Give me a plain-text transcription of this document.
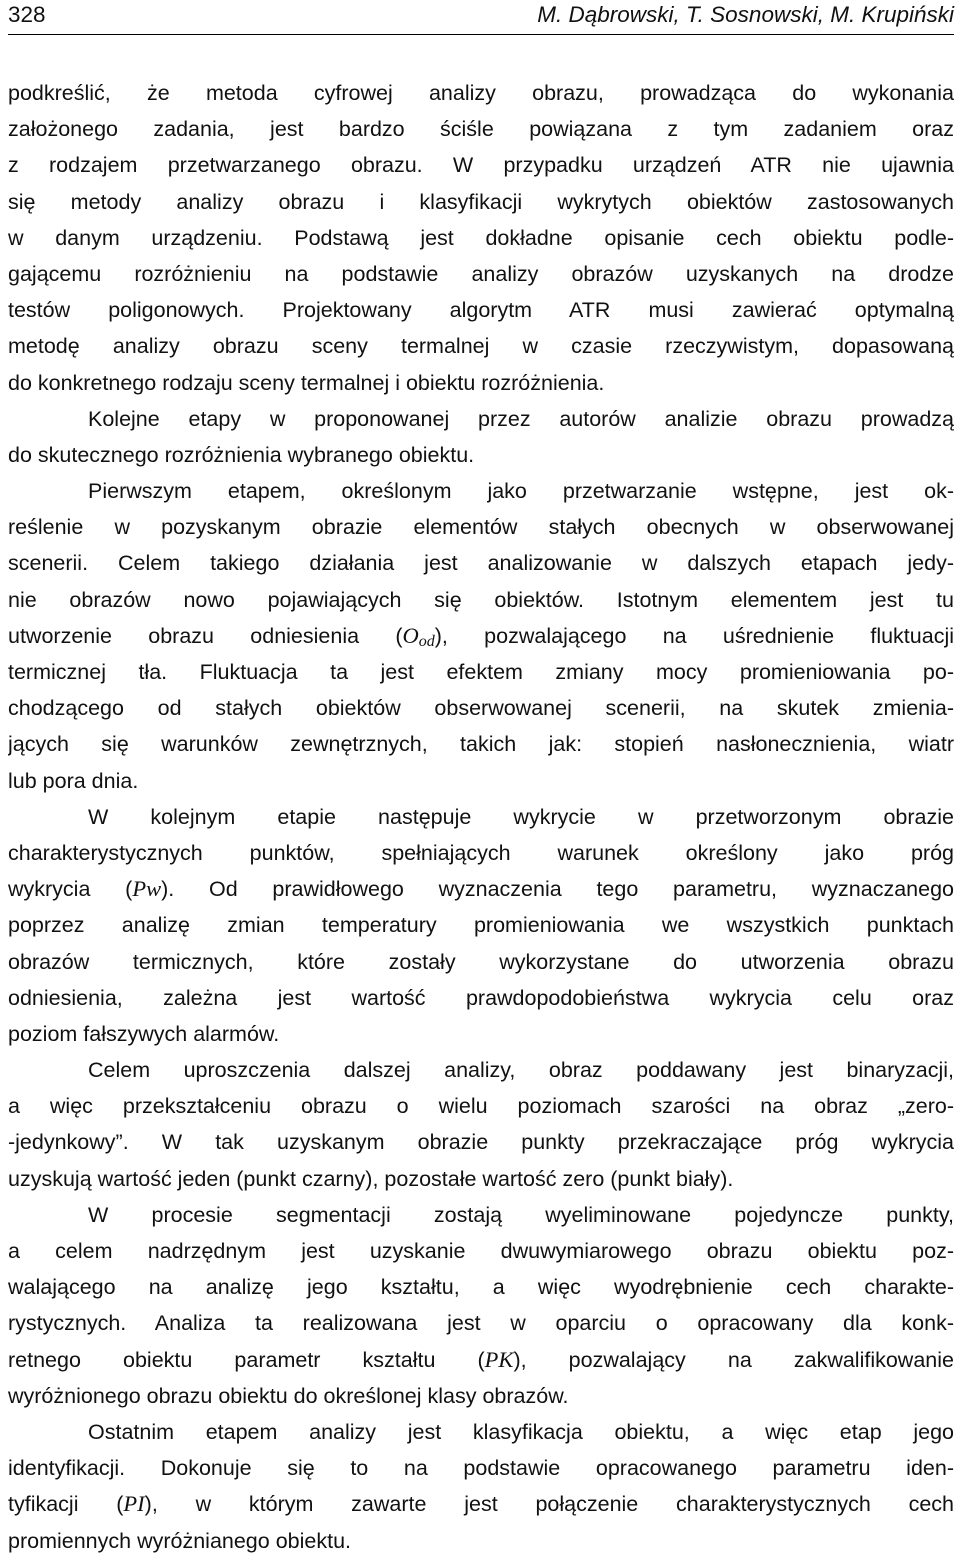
328	M. Dąbrowski, T. Sosnowski, M. Krupiński
podkreślić, że metoda cyfrowej analizy obrazu, prowadząca do wykonania
założonego zadania, jest bardzo ściśle powiązana z tym zadaniem oraz
z rodzajem przetwarzanego obrazu. W przypadku urządzeń ATR nie ujawnia
się metody analizy obrazu i klasyfikacji wykrytych obiektów zastosowanych
w danym urządzeniu. Podstawą jest dokładne opisanie cech obiektu podle-
gającemu rozróżnieniu na podstawie analizy obrazów uzyskanych na drodze
testów poligonowych. Projektowany algorytm ATR musi zawierać optymalną
metodę analizy obrazu sceny termalnej w czasie rzeczywistym, dopasowaną
do konkretnego rodzaju sceny termalnej i obiektu rozróżnienia.
Kolejne etapy w proponowanej przez autorów analizie obrazu prowadzą
do skutecznego rozróżnienia wybranego obiektu.
Pierwszym etapem, określonym jako przetwarzanie wstępne, jest ok-
reślenie w pozyskanym obrazie elementów stałych obecnych w obserwowanej
scenerii. Celem takiego działania jest analizowanie w dalszych etapach jedy-
nie obrazów nowo pojawiających się obiektów. Istotnym elementem jest tu
utworzenie obrazu odniesienia $(O_{od})$, pozwalającego na uśrednienie fluktuacji
termicznej tła. Fluktuacja ta jest efektem zmiany mocy promieniowania po-
chodzącego od stałych obiektów obserwowanej scenerii, na skutek zmienia-
jących się warunków zewnętrznych, takich jak: stopień nasłonecznienia, wiatr
lub pora dnia.
W kolejnym etapie następuje wykrycie w przetworzonym obrazie
charakterystycznych punktów, spełniających warunek określony jako próg
wykrycia (Pw). Od prawidłowego wyznaczenia tego parametru, wyznaczanego
poprzez analizę zmian temperatury promieniowania we wszystkich punktach
obrazów termicznych, które zostały wykorzystane do utworzenia obrazu
odniesienia, zależna jest wartość prawdopodobieństwa wykrycia celu oraz
poziom fałszywych alarmów.
Celem uproszczenia dalszej analizy, obraz poddawany jest binaryzacji,
a więc przekształceniu obrazu o wielu poziomach szarości na obraz „zero-
-jedynkowy”. W tak uzyskanym obrazie punkty przekraczające próg wykrycia
uzyskują wartość jeden (punkt czarny), pozostałe wartość zero (punkt biały).
W procesie segmentacji zostają wyeliminowane pojedyncze punkty,
a celem nadrzędnym jest uzyskanie dwuwymiarowego obrazu obiektu poz-
walającego na analizę jego kształtu, a więc wyodrębnienie cech charakte-
rystycznych. Analiza ta realizowana jest w oparciu o opracowany dla konk-
retnego obiektu parametr kształtu (PK), pozwalający na zakwalifikowanie
wyróżnionego obrazu obiektu do określonej klasy obrazów.
Ostatnim etapem analizy jest klasyfikacja obiektu, a więc etap jego
identyfikacji. Dokonuje się to na podstawie opracowanego parametru iden-
tyfikacji (PI), w którym zawarte jest połączenie charakterystycznych cech
promiennych wyróżnianego obiektu.
